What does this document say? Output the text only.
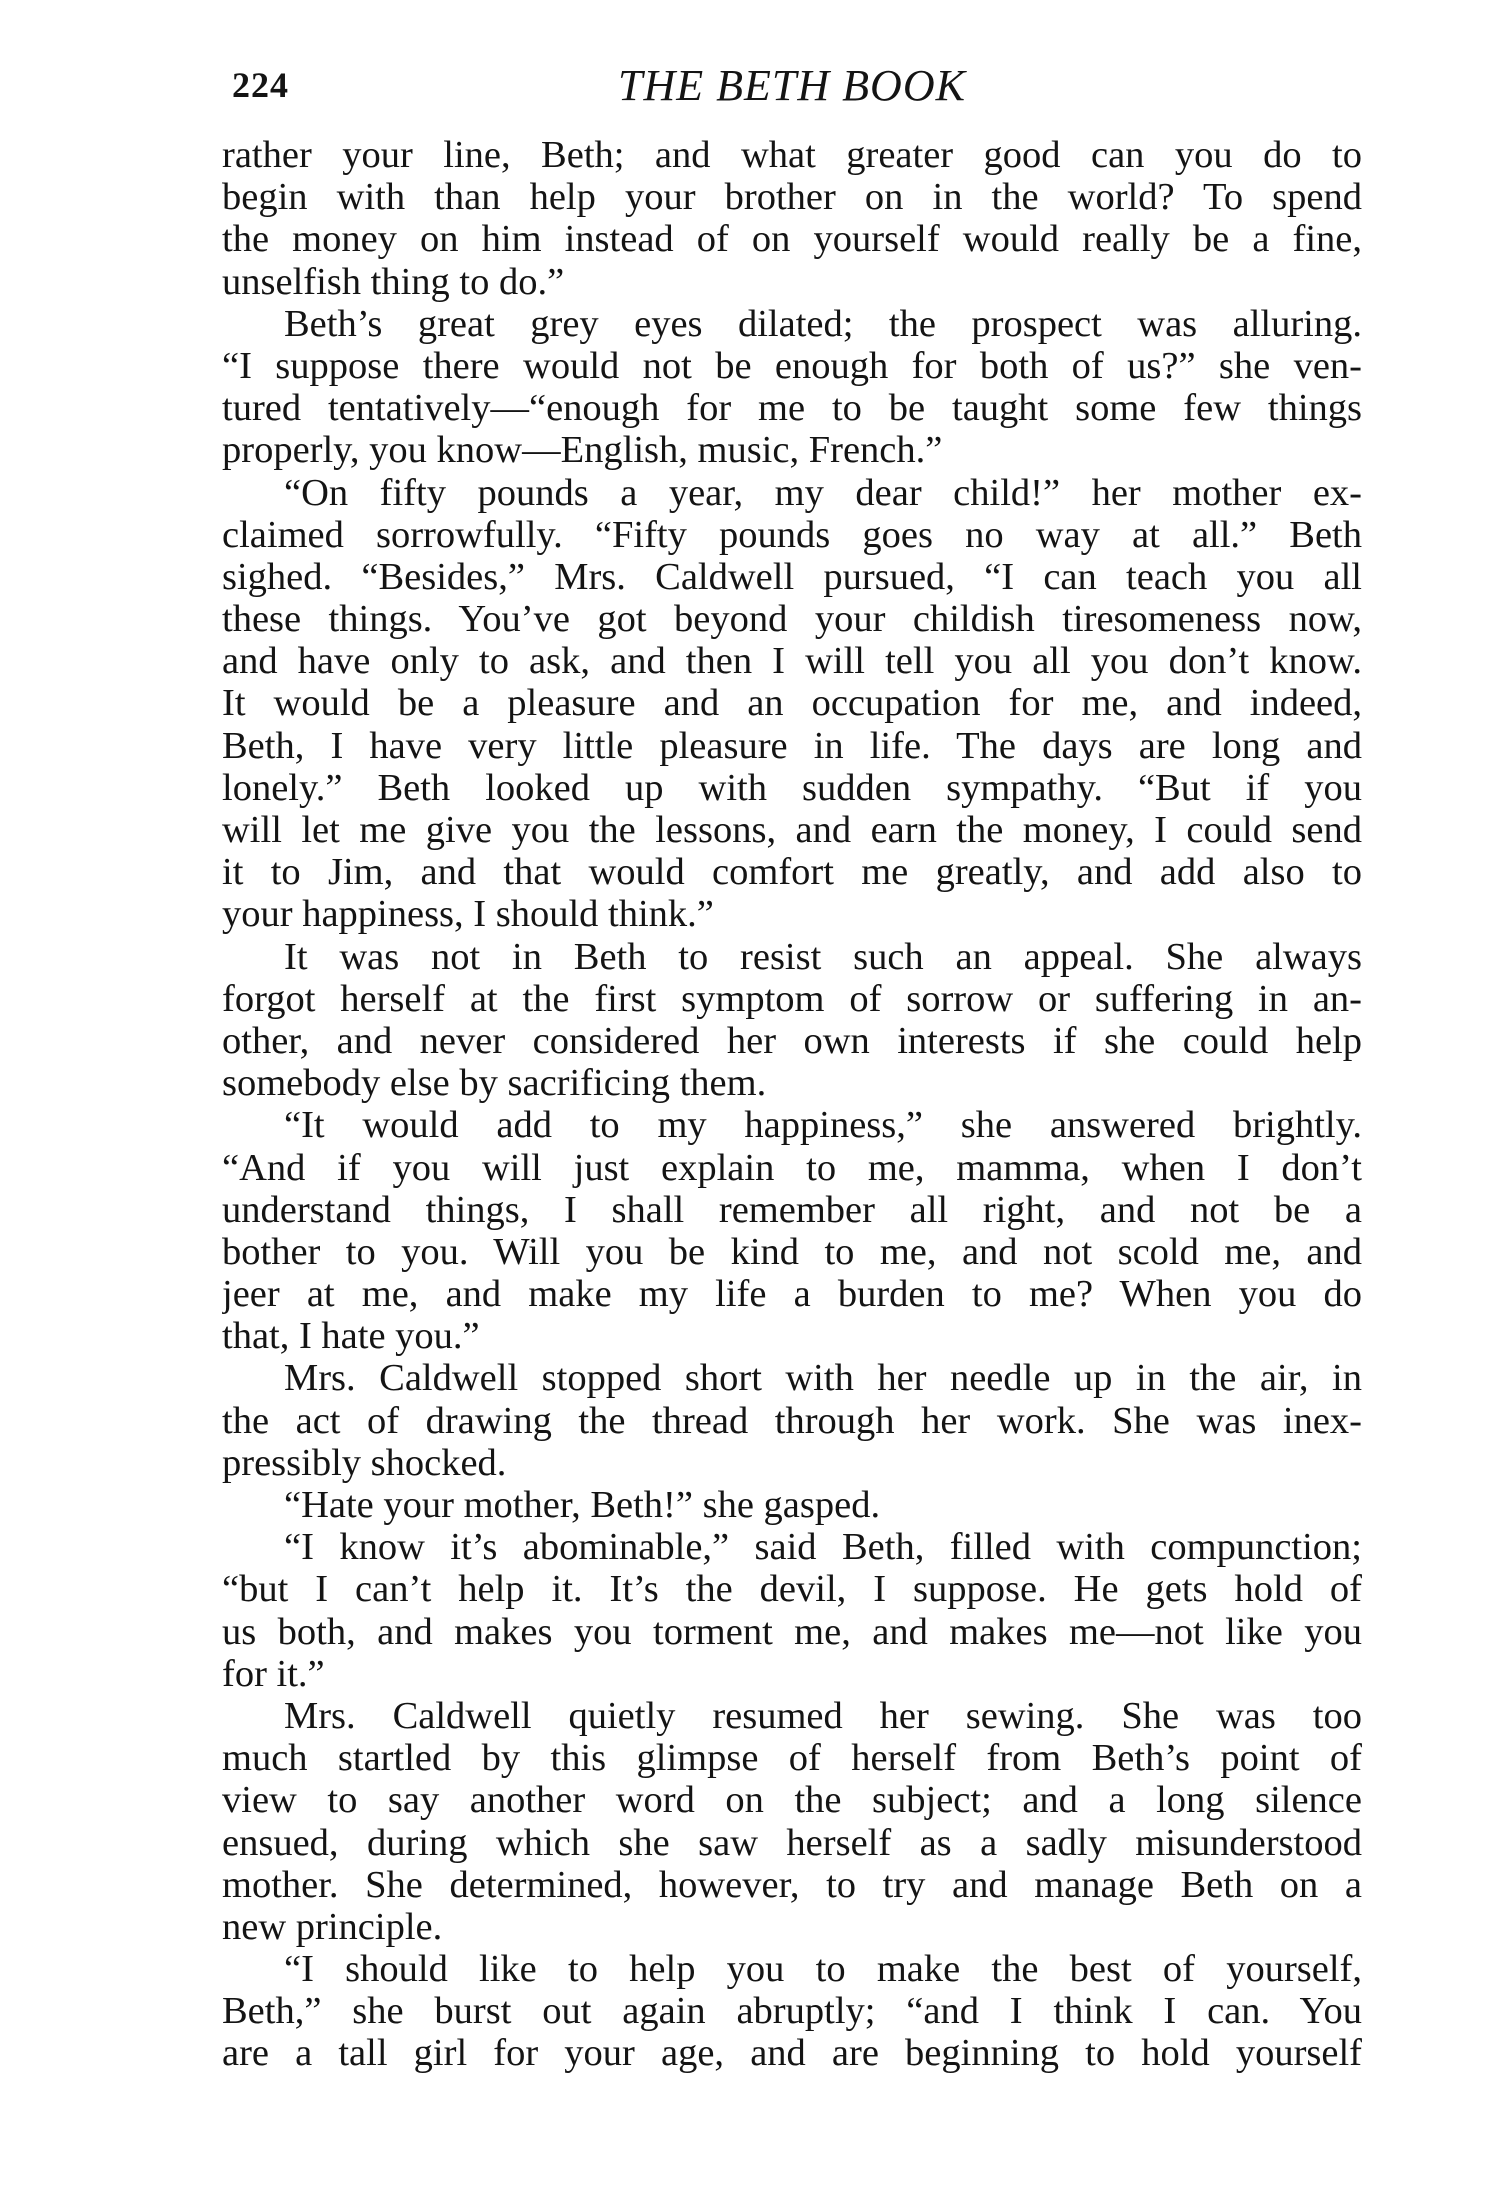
224	THE BETH BOOK
rather your line, Beth; and what greater good can you do to
begin with than help your brother on in the world? To spend
the money on him instead of on yourself would really be a fine,
unselfish thing to do.”
Beth’s great grey eyes dilated; the prospect was alluring.
“I suppose there would not be enough for both of us?” she ven-
tured tentatively—“enough for me to be taught some few things
properly, you know—English, music, French.”
“On fifty pounds a year, my dear child!” her mother ex-
claimed sorrowfully. “Fifty pounds goes no way at all.” Beth
sighed. “Besides,” Mrs. Caldwell pursued, “I can teach you all
these things. You’ve got beyond your childish tiresomeness now,
and have only to ask, and then I will tell you all you don’t know.
It would be a pleasure and an occupation for me, and indeed,
Beth, I have very little pleasure in life. The days are long and
lonely.” Beth looked up with sudden sympathy. “But if you
will let me give you the lessons, and earn the money, I could send
it to Jim, and that would comfort me greatly, and add also to
your happiness, I should think.”
It was not in Beth to resist such an appeal. She always
forgot herself at the first symptom of sorrow or suffering in an-
other, and never considered her own interests if she could help
somebody else by sacrificing them.
“It would add to my happiness,” she answered brightly.
“And if you will just explain to me, mamma, when I don’t
understand things, I shall remember all right, and not be a
bother to you. Will you be kind to me, and not scold me, and
jeer at me, and make my life a burden to me? When you do
that, I hate you.”
Mrs. Caldwell stopped short with her needle up in the air, in
the act of drawing the thread through her work. She was inex-
pressibly shocked.
“Hate your mother, Beth!” she gasped.
“I know it’s abominable,” said Beth, filled with compunction;
“but I can’t help it. It’s the devil, I suppose. He gets hold of
us both, and makes you torment me, and makes me—not like you
for it.”
Mrs. Caldwell quietly resumed her sewing. She was too
much startled by this glimpse of herself from Beth’s point of
view to say another word on the subject; and a long silence
ensued, during which she saw herself as a sadly misunderstood
mother. She determined, however, to try and manage Beth on a
new principle.
“I should like to help you to make the best of yourself,
Beth,” she burst out again abruptly; “and I think I can. You
are a tall girl for your age, and are beginning to hold yourself
